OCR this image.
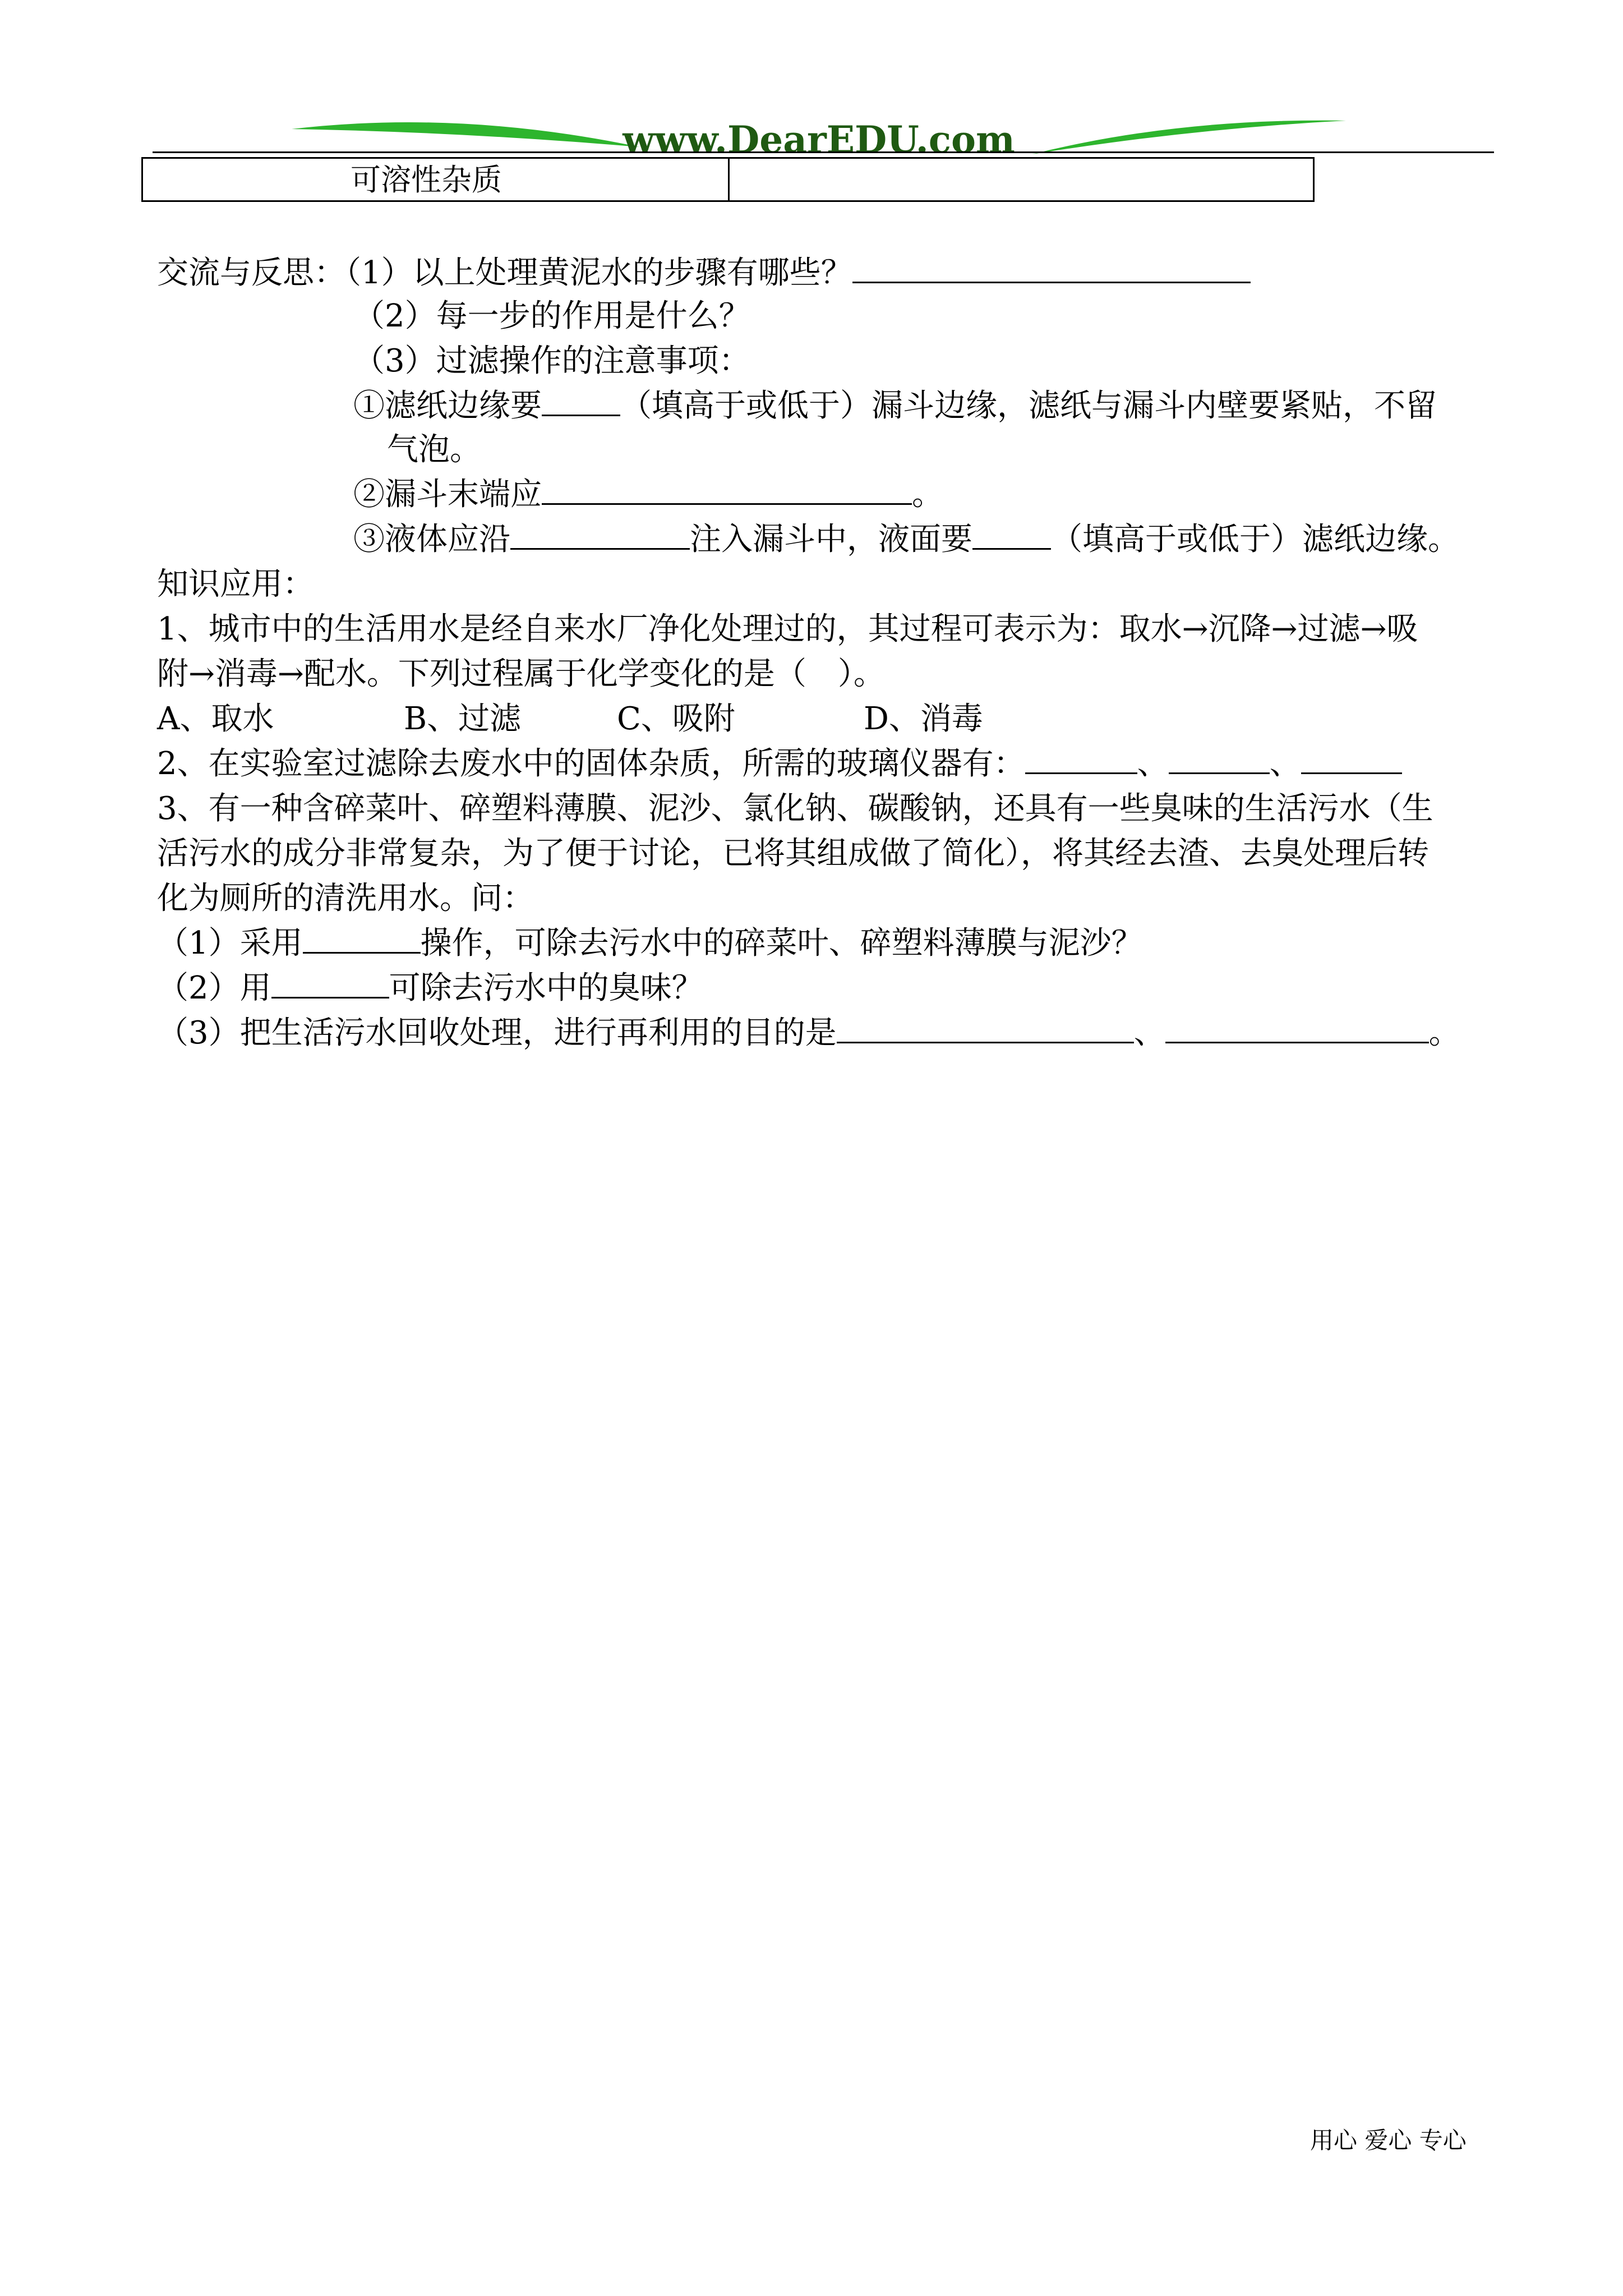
www.DearEDU.com
可溶性杂质
交流与反思：（1）以上处理黄泥水的步骤有哪些？
（2）每一步的作用是什么？
（3）过滤操作的注意事项：
①滤纸边缘要	（填高于或低于）漏斗边缘，滤纸与漏斗内壁要紧贴，不留
气泡。
②漏斗末端应	。
③液体应沿	注入漏斗中，液面要	（填高于或低于）滤纸边缘。
知识应用：
1、城市中的生活用水是经自来水厂净化处理过的，其过程可表示为：取水→沉降→过滤→吸
附→消毒→配水。下列过程属于化学变化的是（　）。
A、取水	B、过滤	C、吸附	D、消毒
2、在实验室过滤除去废水中的固体杂质，所需的玻璃仪器有：	、	、
3、有一种含碎菜叶、碎塑料薄膜、泥沙、氯化钠、碳酸钠，还具有一些臭味的生活污水（生
活污水的成分非常复杂，为了便于讨论，已将其组成做了简化），将其经去渣、去臭处理后转
化为厕所的清洗用水。问：
（1）采用	操作，可除去污水中的碎菜叶、碎塑料薄膜与泥沙？
（2）用	可除去污水中的臭味？
（3）把生活污水回收处理，进行再利用的目的是	、	。
用心 爱心 专心
